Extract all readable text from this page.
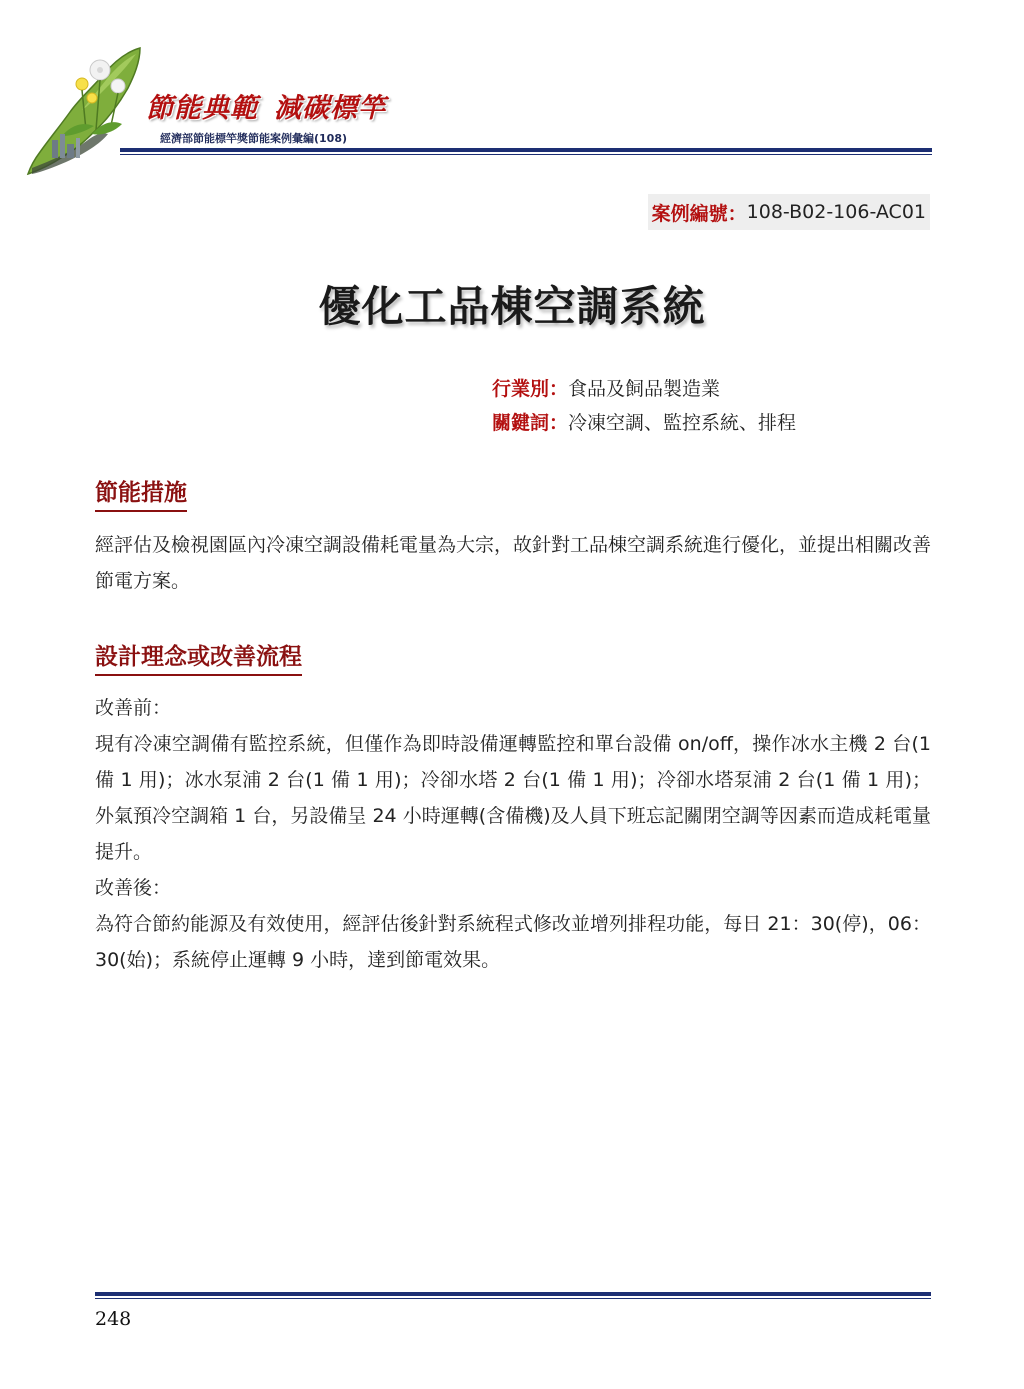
節能典範 減碳標竿
經濟部節能標竿獎節能案例彙編(108)
案例編號： 108-B02-106-AC01
優化工品棟空調系統
行業別：食品及飼品製造業
關鍵詞：冷凍空調、監控系統、排程
節能措施

經評估及檢視園區內冷凍空調設備耗電量為大宗，故針對工品棟空調系統進行優化，並提出相關改善節電方案。

設計理念或改善流程

改善前：

現有冷凍空調備有監控系統，但僅作為即時設備運轉監控和單台設備 on/off，操作冰水主機 2 台(1 備 1 用)；冰水泵浦 2 台(1 備 1 用)；冷卻水塔 2 台(1 備 1 用)；冷卻水塔泵浦 2 台(1 備 1 用)；外氣預冷空調箱 1 台，另設備呈 24 小時運轉(含備機)及人員下班忘記關閉空調等因素而造成耗電量提升。

改善後：

為符合節約能源及有效使用，經評估後針對系統程式修改並增列排程功能，每日 21：30(停)，06：30(始)；系統停止運轉 9 小時，達到節電效果。

248
